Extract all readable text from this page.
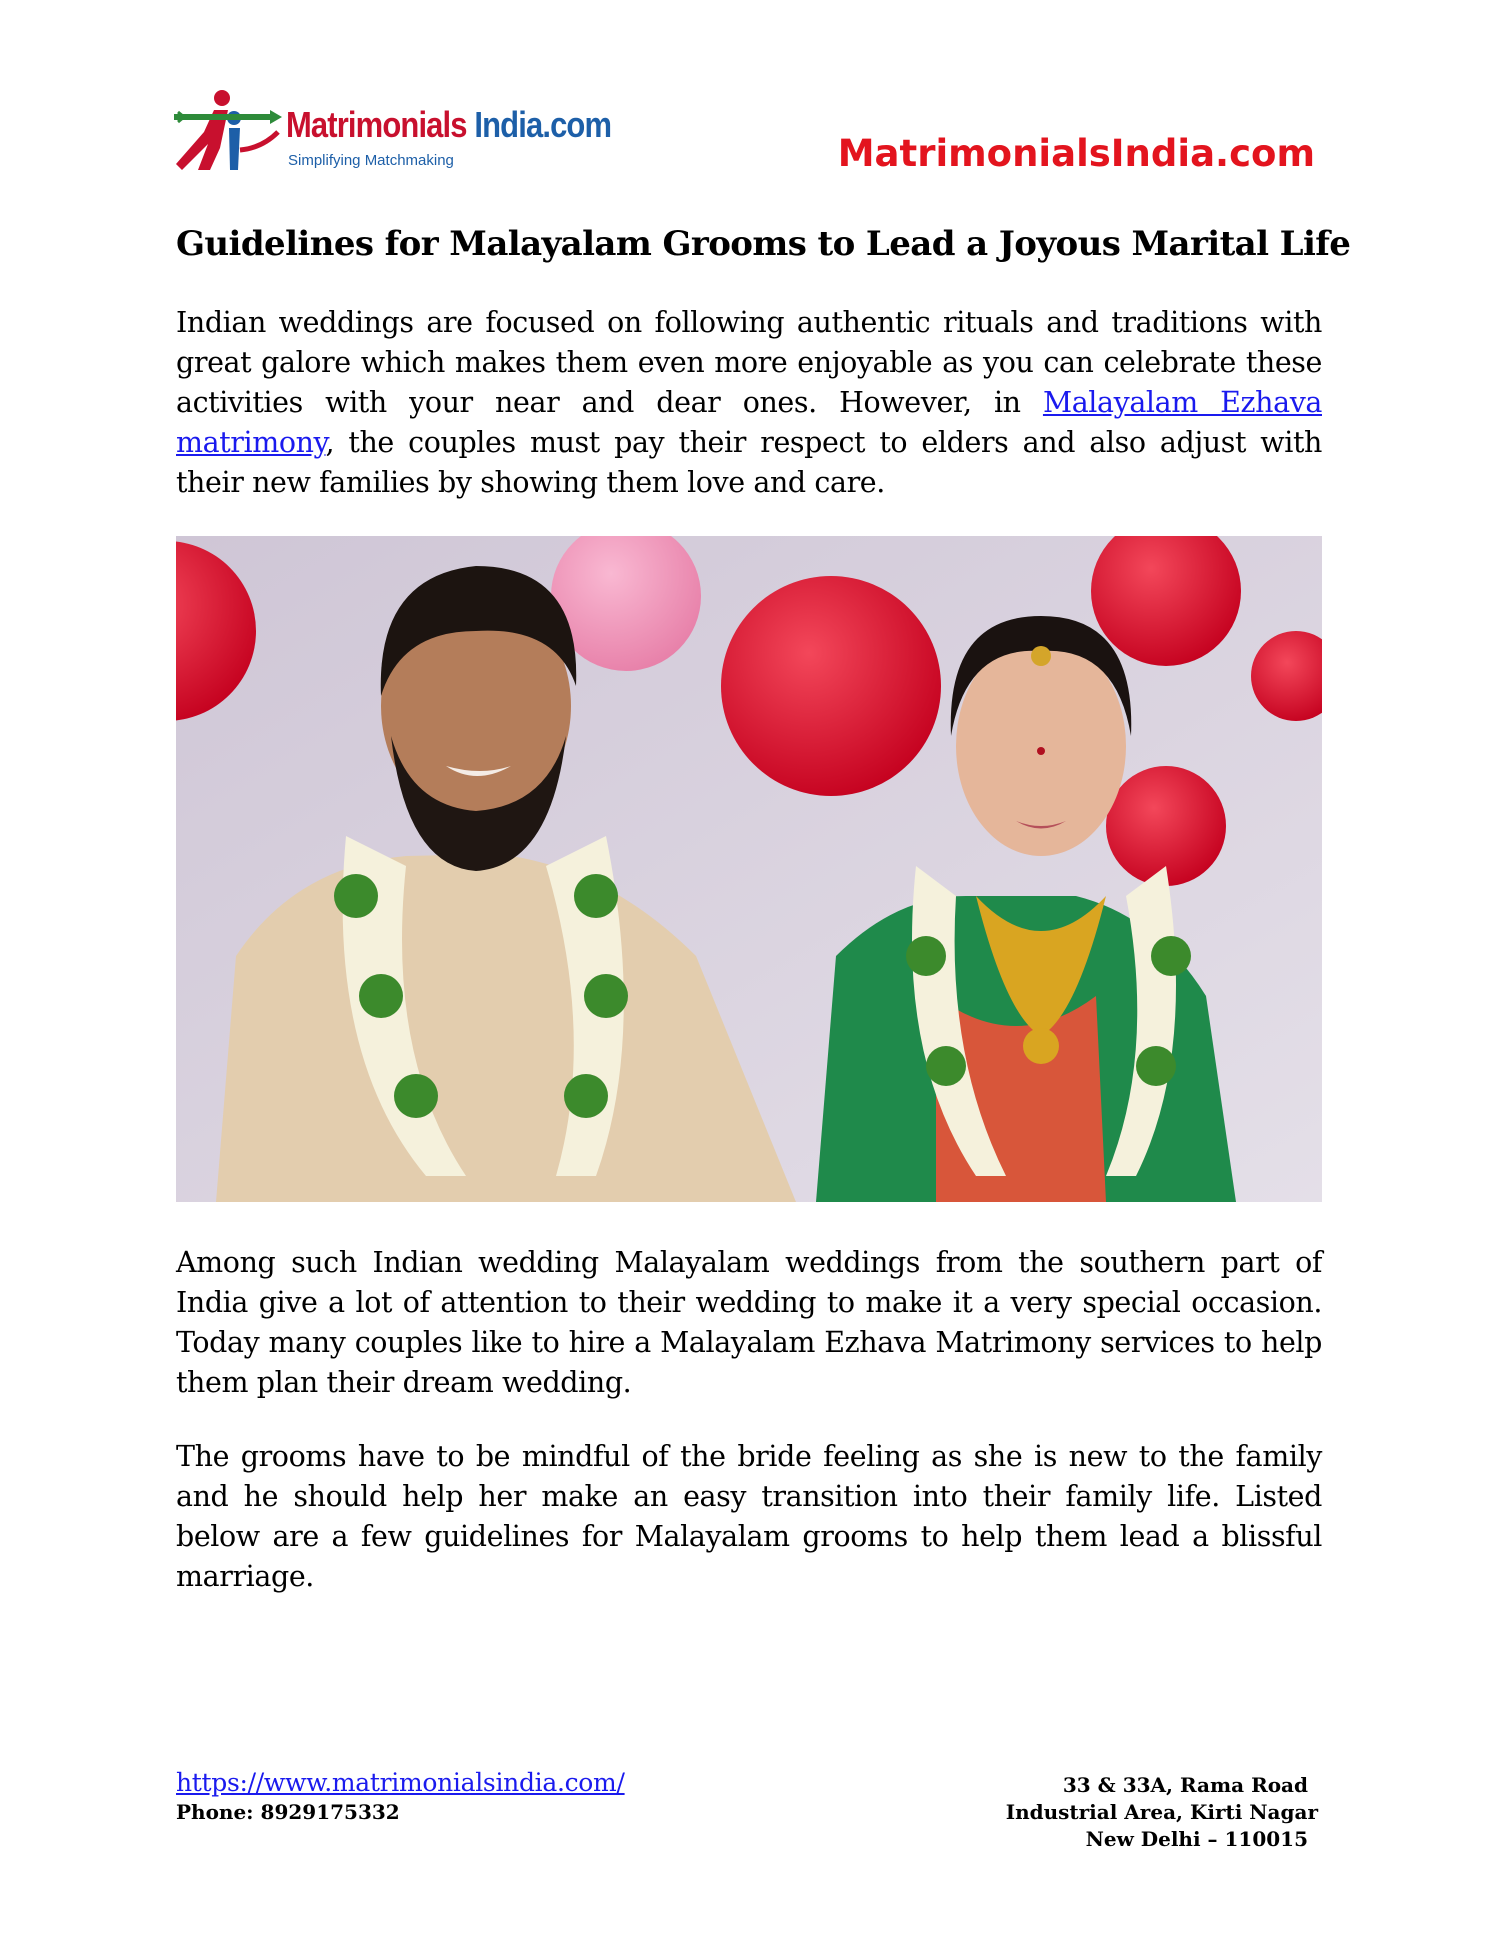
Matrimonials India.com
Simplifying Matchmaking	MatrimonialsIndia.com
Guidelines for Malayalam Grooms to Lead a Joyous Marital Life

Indian weddings are focused on following authentic rituals and traditions with great galore which makes them even more enjoyable as you can celebrate these activities with your near and dear ones. However, in Malayalam Ezhava matrimony, the couples must pay their respect to elders and also adjust with their new families by showing them love and care.

Among such Indian wedding Malayalam weddings from the southern part of India give a lot of attention to their wedding to make it a very special occasion. Today many couples like to hire a Malayalam Ezhava Matrimony services to help them plan their dream wedding.

The grooms have to be mindful of the bride feeling as she is new to the family and he should help her make an easy transition into their family life. Listed below are a few guidelines for Malayalam grooms to help them lead a blissful marriage.

https://www.matrimonialsindia.com/
Phone: 8929175332
33 & 33A, Rama Road
Industrial Area, Kirti Nagar
New Delhi – 110015
